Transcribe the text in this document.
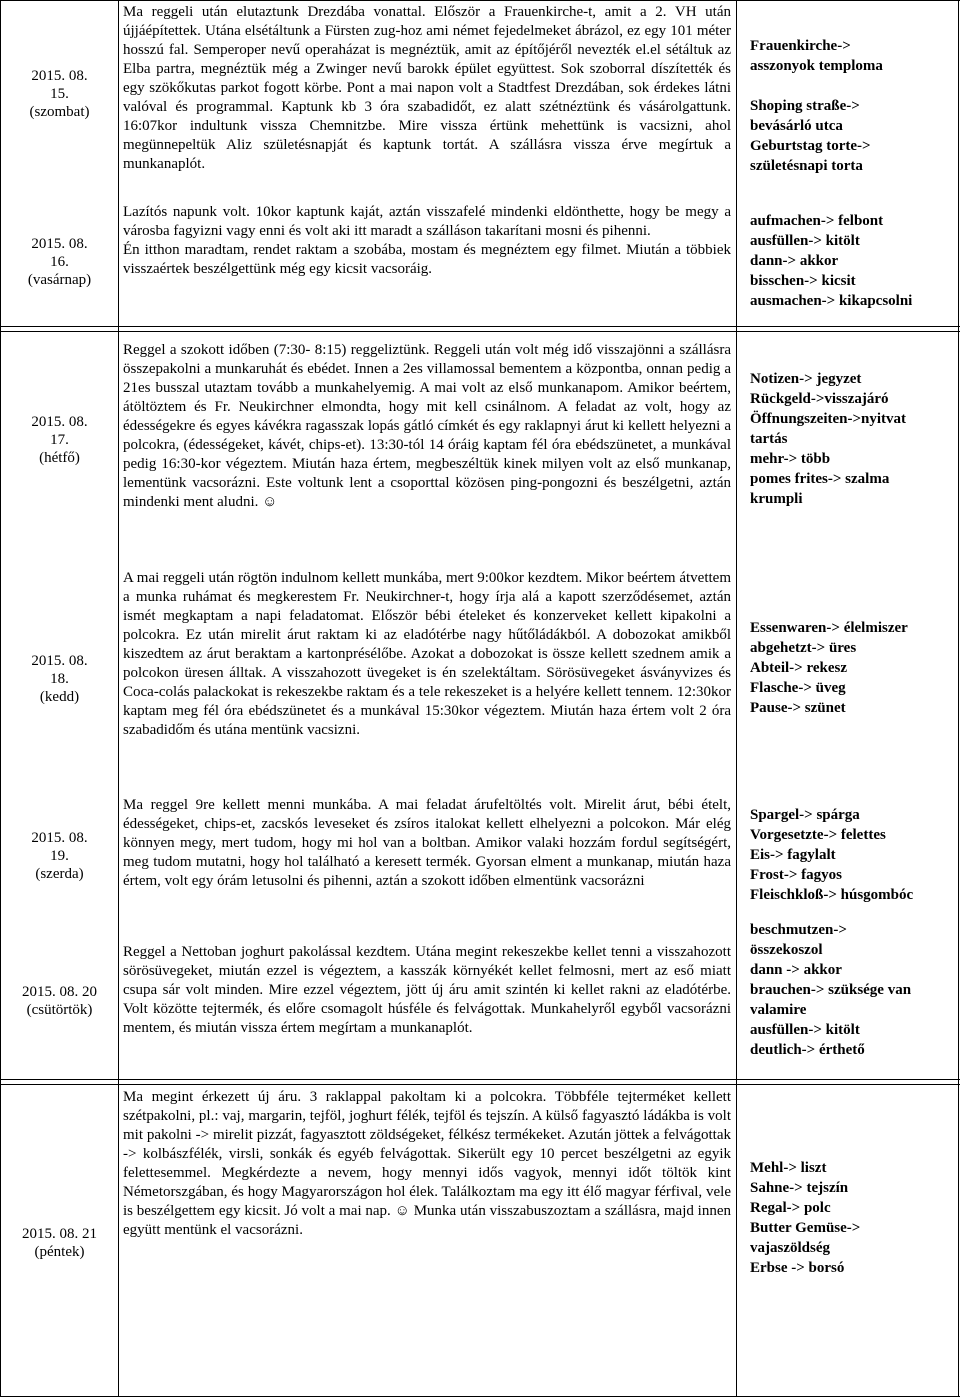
2015. 08.
15.
(szombat)
2015. 08.
16.
(vasárnap)
2015. 08.
17.
(hétfő)
2015. 08.
18.
(kedd)
2015. 08.
19.
(szerda)
2015. 08. 20
(csütörtök)
2015. 08. 21
(péntek)

Ma reggeli után elutaztunk Drezdába vonattal. Először a Frauenkirche-t, amit a 2. VH után újjáépítettek. Utána elsétáltunk a Fürsten zug-hoz ami német fejedelmeket ábrázol, ez egy 101 méter hosszú fal. Semperoper nevű operaházat is megnéztük, amit az építőjéről nevezték el.el sétáltuk az Elba partra, megnéztük még a Zwinger nevű barokk épület együttest. Sok szoborral díszítették és egy szökőkutas parkot fogott körbe. Pont a mai napon volt a Stadtfest Drezdában, sok érdekes látni valóval és programmal. Kaptunk kb 3 óra szabadidőt, ez alatt szétnéztünk és vásárolgattunk. 16:07kor indultunk vissza Chemnitzbe. Mire vissza értünk mehettünk is vacsizni, ahol megünnepeltük Aliz születésnapját és kaptunk tortát. A szállásra vissza érve megírtuk a munkanaplót.

Lazítós napunk volt. 10kor kaptunk kaját, aztán visszafelé mindenki eldönthette, hogy be megy a városba fagyizni vagy enni és volt aki itt maradt a szálláson takarítani mosni és pihenni.

Én itthon maradtam, rendet raktam a szobába, mostam és megnéztem egy filmet. Miután a többiek visszaértek beszélgettünk még egy kicsit vacsoráig.

Reggel a szokott időben (7:30- 8:15) reggeliztünk. Reggeli után volt még idő visszajönni a szállásra összepakolni a munkaruhát és ebédet. Innen a 2es villamossal bementem a központba, onnan pedig a 21es busszal utaztam tovább a munkahelyemig. A mai volt az első munkanapom. Amikor beértem, átöltöztem és Fr. Neukirchner elmondta, hogy mit kell csinálnom. A feladat az volt, hogy az édességekre és egyes kávékra ragasszak lopás gátló címkét és egy raklapnyi árut ki kellett helyezni a polcokra, (édességeket, kávét, chips-et). 13:30-tól 14 óráig kaptam fél óra ebédszünetet, a munkával pedig 16:30-kor végeztem. Miután haza értem, megbeszéltük kinek milyen volt az első munkanap, lementünk vacsorázni. Este voltunk lent a csoporttal közösen ping-pongozni és beszélgetni, aztán mindenki ment aludni. ☺

A mai reggeli után rögtön indulnom kellett munkába, mert 9:00kor kezdtem. Mikor beértem átvettem a munka ruhámat és megkerestem Fr. Neukirchner-t, hogy írja alá a kapott szerződésemet, aztán ismét megkaptam a napi feladatomat. Először bébi ételeket és konzerveket kellett kipakolni a polcokra. Ez után mirelit árut raktam ki az eladótérbe nagy hűtőládákból. A dobozokat amikből kiszedtem az árut beraktam a kartonprésélőbe. Azokat a dobozokat is össze kellett szednem amik a polcokon üresen álltak. A visszahozott üvegeket is én szelektáltam. Sörösüvegeket ásványvizes és Coca-colás palackokat is rekeszekbe raktam és a tele rekeszeket is a helyére kellett tennem. 12:30kor kaptam meg fél óra ebédszünetet és a munkával 15:30kor végeztem. Miután haza értem volt 2 óra szabadidőm és utána mentünk vacsizni.

Ma reggel 9re kellett menni munkába. A mai feladat árufeltöltés volt. Mirelit árut, bébi ételt, édességeket, chips-et, zacskós leveseket és zsíros italokat kellett elhelyezni a polcokon. Már elég könnyen megy, mert tudom, hogy mi hol van a boltban. Amikor valaki hozzám fordul segítségért, meg tudom mutatni, hogy hol található a keresett termék. Gyorsan elment a munkanap, miután haza értem, volt egy órám letusolni és pihenni, aztán a szokott időben elmentünk vacsorázni

Reggel a Nettoban joghurt pakolással kezdtem. Utána megint rekeszekbe kellet tenni a visszahozott sörösüvegeket, miután ezzel is végeztem, a kasszák környékét kellet felmosni, mert az eső miatt csupa sár volt minden. Mire ezzel végeztem, jött új áru amit szintén ki kellet rakni az eladótérbe. Volt közötte tejtermék, és előre csomagolt húsféle és felvágottak. Munkahelyről egyből vacsorázni mentem, és miután vissza értem megírtam a munkanaplót.

Ma megint érkezett új áru. 3 raklappal pakoltam ki a polcokra. Többféle tejterméket kellett szétpakolni, pl.: vaj, margarin, tejföl, joghurt félék, tejföl és tejszín. A külső fagyasztó ládákba is volt mit pakolni -> mirelit pizzát, fagyasztott zöldségeket, félkész termékeket. Azután jöttek a felvágottak -> kolbászfélék, virsli, sonkák és egyéb felvágottak. Sikerült egy 10 percet beszélgetni az egyik felettesemmel. Megkérdezte a nevem, hogy mennyi idős vagyok, mennyi időt töltök kint Németorszgában, és hogy Magyarországon hol élek. Találkoztam ma egy itt élő magyar férfival, vele is beszélgettem egy kicsit. Jó volt a mai nap. ☺ Munka után visszabuszoztam a szállásra, majd innen együtt mentünk el vacsorázni.

Frauenkirche->
asszonyok temploma

Shoping straße->
bevásárló utca
Geburtstag torte->
születésnapi torta
aufmachen-> felbont
ausfüllen-> kitölt
dann-> akkor
bisschen-> kicsit
ausmachen-> kikapcsolni
Notizen-> jegyzet
Rückgeld->visszajáró
Öffnungszeiten->nyitvat
tartás
mehr-> több
pomes frites-> szalma
krumpli
Essenwaren-> élelmiszer
abgehetzt-> üres
Abteil-> rekesz
Flasche-> üveg
Pause-> szünet
Spargel-> spárga
Vorgesetzte-> felettes
Eis-> fagylalt
Frost-> fagyos
Fleischkloß-> húsgombóc
beschmutzen->
összekoszol
dann -> akkor
brauchen-> szüksége van
valamire
ausfüllen-> kitölt
deutlich-> érthető
Mehl-> liszt
Sahne-> tejszín
Regal-> polc
Butter Gemüse->
vajaszöldség
Erbse -> borsó
